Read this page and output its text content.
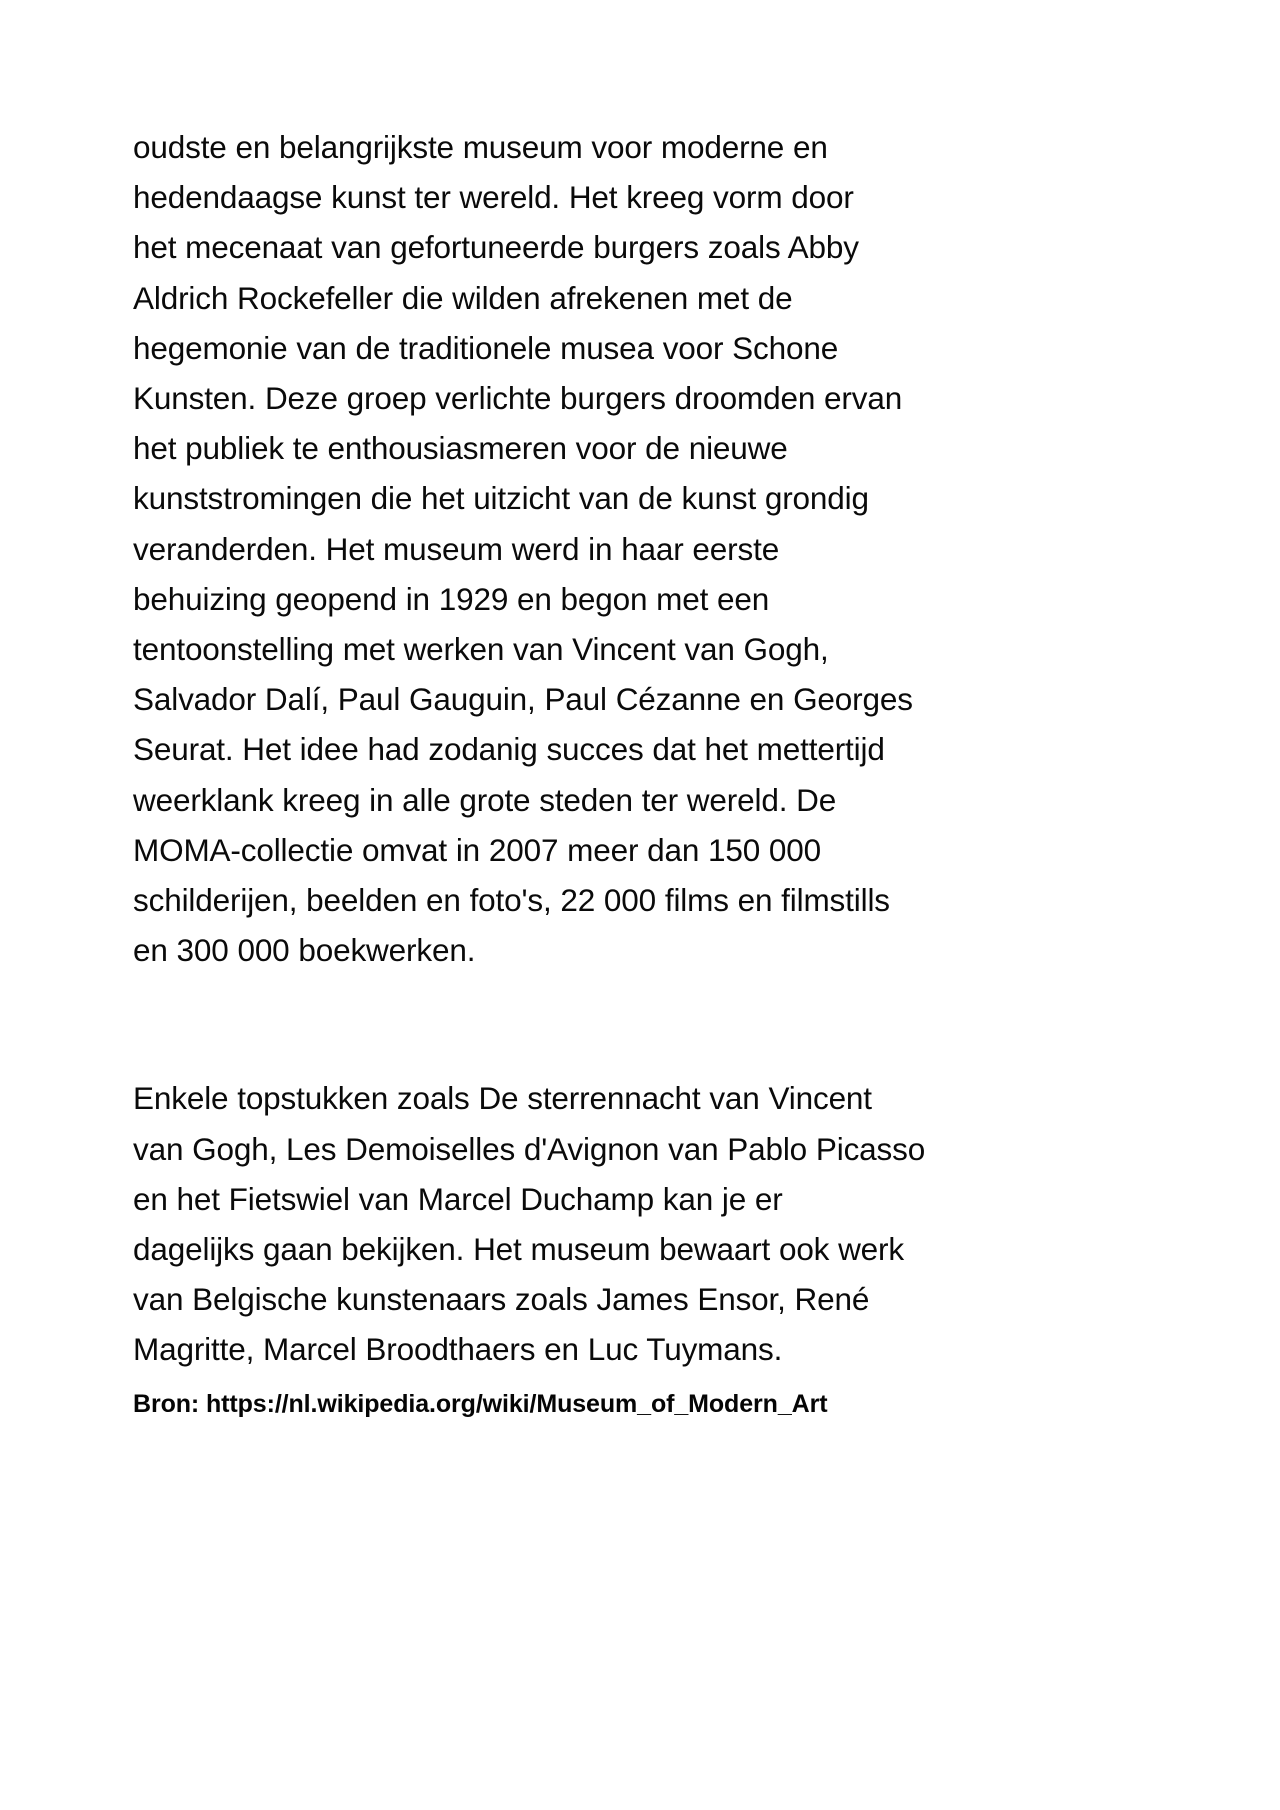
oudste en belangrijkste museum voor moderne en
hedendaagse kunst ter wereld. Het kreeg vorm door
het mecenaat van gefortuneerde burgers zoals Abby
Aldrich Rockefeller die wilden afrekenen met de
hegemonie van de traditionele musea voor Schone
Kunsten. Deze groep verlichte burgers droomden ervan
het publiek te enthousiasmeren voor de nieuwe
kunststromingen die het uitzicht van de kunst grondig
veranderden. Het museum werd in haar eerste
behuizing geopend in 1929 en begon met een
tentoonstelling met werken van Vincent van Gogh,
Salvador Dalí, Paul Gauguin, Paul Cézanne en Georges
Seurat. Het idee had zodanig succes dat het mettertijd
weerklank kreeg in alle grote steden ter wereld. De
MOMA-collectie omvat in 2007 meer dan 150 000
schilderijen, beelden en foto's, 22 000 films en filmstills
en 300 000 boekwerken.

Enkele topstukken zoals De sterrennacht van Vincent
van Gogh, Les Demoiselles d'Avignon van Pablo Picasso
en het Fietswiel van Marcel Duchamp kan je er
dagelijks gaan bekijken. Het museum bewaart ook werk
van Belgische kunstenaars zoals James Ensor, René
Magritte, Marcel Broodthaers en Luc Tuymans.

Bron: https://nl.wikipedia.org/wiki/Museum_of_Modern_Art
